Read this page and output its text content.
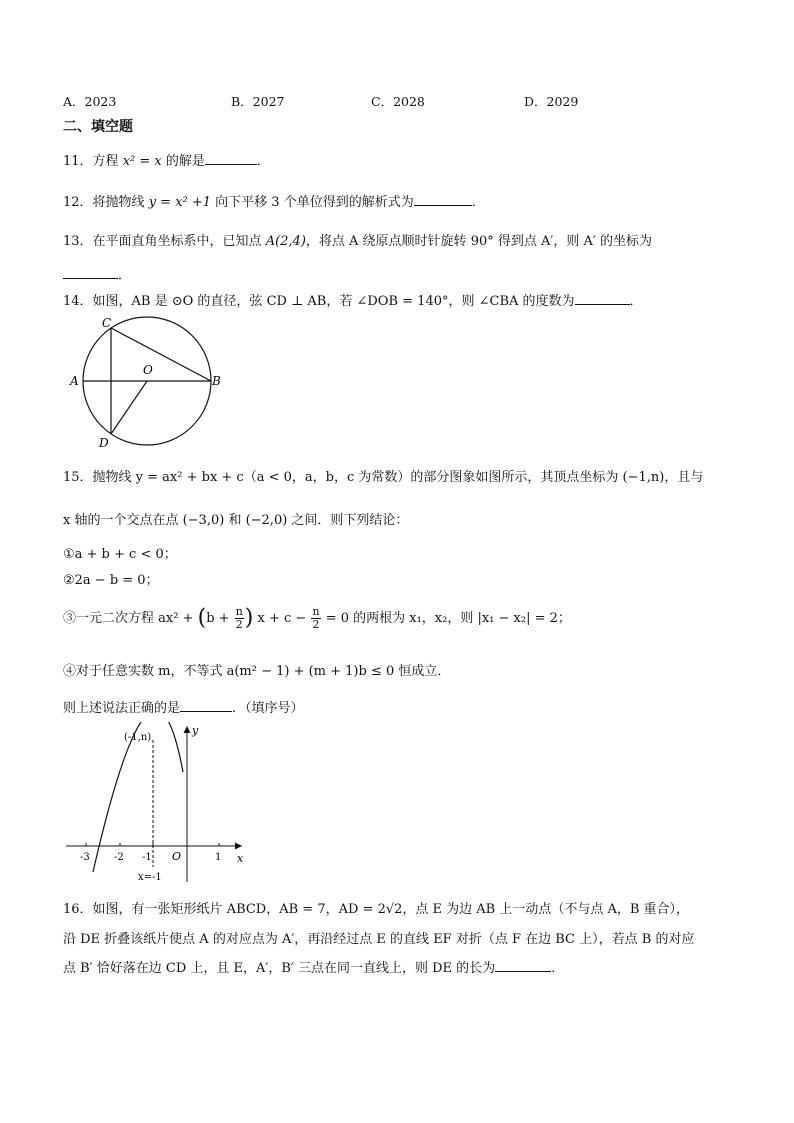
A．2023	B．2027	C．2028	D．2029
二、填空题
11．方程 x² = x 的解是	．
12．将抛物线 y = x² +1 向下平移 3 个单位得到的解析式为	．
13．在平面直角坐标系中，已知点 A(2,4)，将点 A 绕原点顺时针旋转 90° 得到点 A′，则 A′ 的坐标为
．
14．如图，AB 是 ⊙O 的直径，弦 CD ⊥ AB，若 ∠DOB = 140°，则 ∠CBA 的度数为	．
A	B
C
D
O
15．抛物线 y = ax² + bx + c（a < 0，a，b，c 为常数）的部分图象如图所示，其顶点坐标为 (−1,n)，且与
x 轴的一个交点在点 (−3,0) 和 (−2,0) 之间．则下列结论：
①a + b + c < 0；
②2a − b = 0；
③一元二次方程 $ax^2 + (b + \frac{n}{2}$ ) $x + c - \frac{n}{2} = 0$ 的两根为 x₁，x₂，则 |x₁ − x₂| = 2；
④对于任意实数 m，不等式 a(m² − 1) + (m + 1)b ≤ 0 恒成立．
则上述说法正确的是	．（填序号）
-3 -2 -1	1
O	x
y
(-1,n)
x=-1
16．如图，有一张矩形纸片 ABCD，AB = 7，AD = 2√2，点 E 为边 AB 上一动点（不与点 A，B 重合），
沿 DE 折叠该纸片使点 A 的对应点为 A′，再沿经过点 E 的直线 EF 对折（点 F 在边 BC 上），若点 B 的对应
点 B′ 恰好落在边 CD 上，且 E，A′，B′ 三点在同一直线上，则 DE 的长为	．
